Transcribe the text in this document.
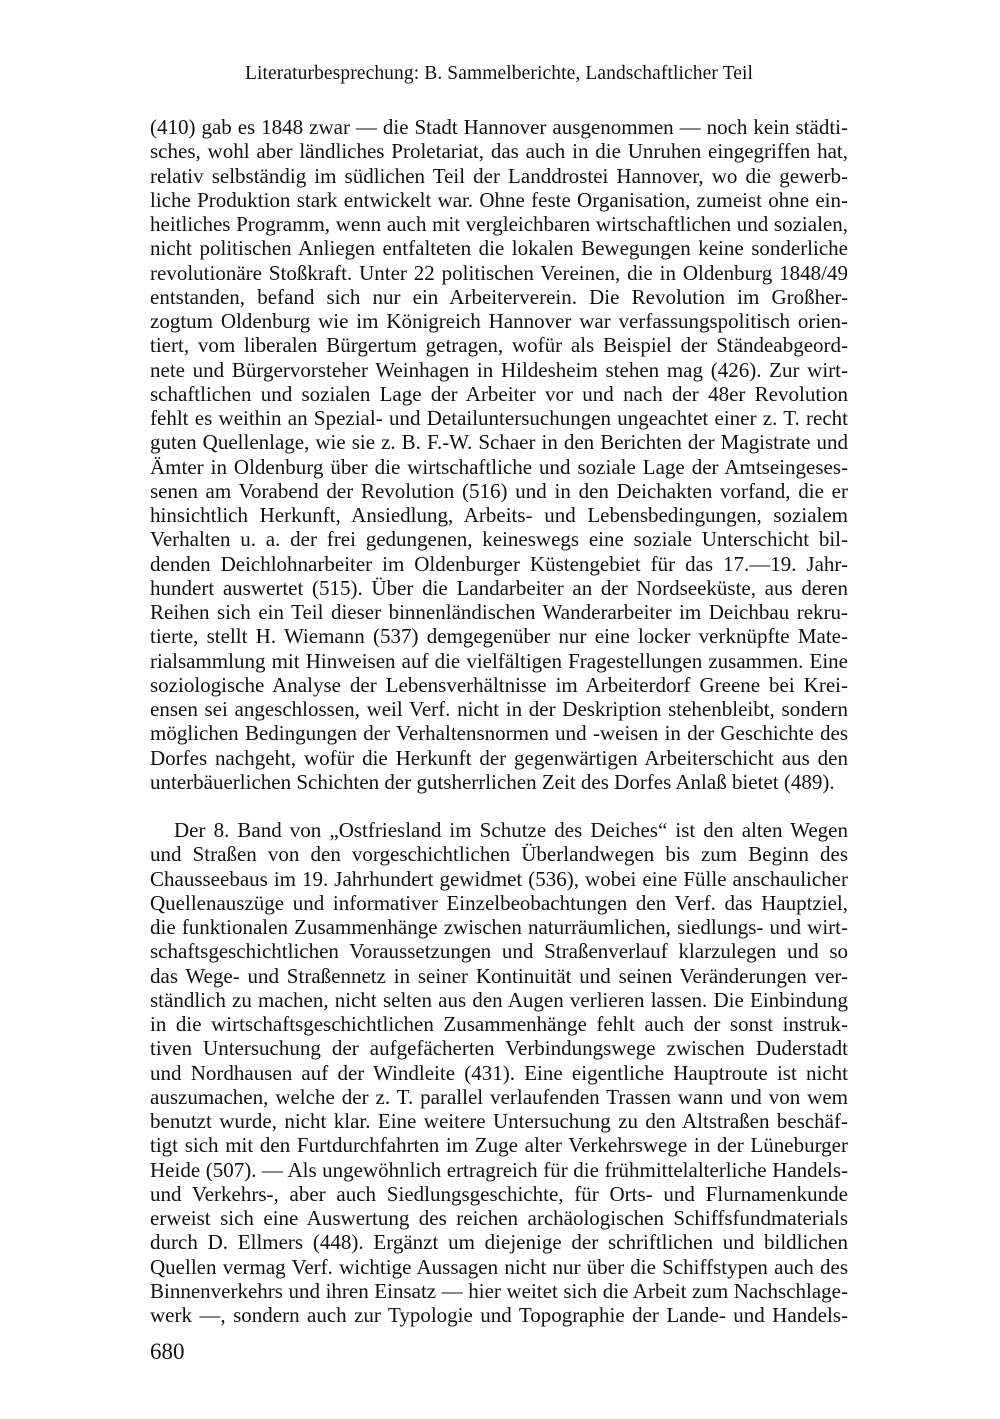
Literaturbesprechung: B. Sammelberichte, Landschaftlicher Teil

(410) gab es 1848 zwar — die Stadt Hannover ausgenommen — noch kein städti-
sches, wohl aber ländliches Proletariat, das auch in die Unruhen eingegriffen hat,
relativ selbständig im südlichen Teil der Landdrostei Hannover, wo die gewerb-
liche Produktion stark entwickelt war. Ohne feste Organisation, zumeist ohne ein-
heitliches Programm, wenn auch mit vergleichbaren wirtschaftlichen und sozialen,
nicht politischen Anliegen entfalteten die lokalen Bewegungen keine sonderliche
revolutionäre Stoßkraft. Unter 22 politischen Vereinen, die in Oldenburg 1848/49
entstanden, befand sich nur ein Arbeiterverein. Die Revolution im Großher-
zogtum Oldenburg wie im Königreich Hannover war verfassungspolitisch orien-
tiert, vom liberalen Bürgertum getragen, wofür als Beispiel der Ständeabgeord-
nete und Bürgervorsteher Weinhagen in Hildesheim stehen mag (426). Zur wirt-
schaftlichen und sozialen Lage der Arbeiter vor und nach der 48er Revolution
fehlt es weithin an Spezial- und Detailuntersuchungen ungeachtet einer z. T. recht
guten Quellenlage, wie sie z. B. F.-W. Schaer in den Berichten der Magistrate und
Ämter in Oldenburg über die wirtschaftliche und soziale Lage der Amtseingeses-
senen am Vorabend der Revolution (516) und in den Deichakten vorfand, die er
hinsichtlich Herkunft, Ansiedlung, Arbeits- und Lebensbedingungen, sozialem
Verhalten u. a. der frei gedungenen, keineswegs eine soziale Unterschicht bil-
denden Deichlohnarbeiter im Oldenburger Küstengebiet für das 17.—19. Jahr-
hundert auswertet (515). Über die Landarbeiter an der Nordseeküste, aus deren
Reihen sich ein Teil dieser binnenländischen Wanderarbeiter im Deichbau rekru-
tierte, stellt H. Wiemann (537) demgegenüber nur eine locker verknüpfte Mate-
rialsammlung mit Hinweisen auf die vielfältigen Fragestellungen zusammen. Eine
soziologische Analyse der Lebensverhältnisse im Arbeiterdorf Greene bei Krei-
ensen sei angeschlossen, weil Verf. nicht in der Deskription stehenbleibt, sondern
möglichen Bedingungen der Verhaltensnormen und -weisen in der Geschichte des
Dorfes nachgeht, wofür die Herkunft der gegenwärtigen Arbeiterschicht aus den
unterbäuerlichen Schichten der gutsherrlichen Zeit des Dorfes Anlaß bietet (489).

Der 8. Band von „Ostfriesland im Schutze des Deiches“ ist den alten Wegen
und Straßen von den vorgeschichtlichen Überlandwegen bis zum Beginn des
Chausseebaus im 19. Jahrhundert gewidmet (536), wobei eine Fülle anschaulicher
Quellenauszüge und informativer Einzelbeobachtungen den Verf. das Hauptziel,
die funktionalen Zusammenhänge zwischen naturräumlichen, siedlungs- und wirt-
schaftsgeschichtlichen Voraussetzungen und Straßenverlauf klarzulegen und so
das Wege- und Straßennetz in seiner Kontinuität und seinen Veränderungen ver-
ständlich zu machen, nicht selten aus den Augen verlieren lassen. Die Einbindung
in die wirtschaftsgeschichtlichen Zusammenhänge fehlt auch der sonst instruk-
tiven Untersuchung der aufgefächerten Verbindungswege zwischen Duderstadt
und Nordhausen auf der Windleite (431). Eine eigentliche Hauptroute ist nicht
auszumachen, welche der z. T. parallel verlaufenden Trassen wann und von wem
benutzt wurde, nicht klar. Eine weitere Untersuchung zu den Altstraßen beschäf-
tigt sich mit den Furtdurchfahrten im Zuge alter Verkehrswege in der Lüneburger
Heide (507). — Als ungewöhnlich ertragreich für die frühmittelalterliche Handels-
und Verkehrs-, aber auch Siedlungsgeschichte, für Orts- und Flurnamenkunde
erweist sich eine Auswertung des reichen archäologischen Schiffsfundmaterials
durch D. Ellmers (448). Ergänzt um diejenige der schriftlichen und bildlichen
Quellen vermag Verf. wichtige Aussagen nicht nur über die Schiffstypen auch des
Binnenverkehrs und ihren Einsatz — hier weitet sich die Arbeit zum Nachschlage-
werk —, sondern auch zur Typologie und Topographie der Lande- und Handels-

680
